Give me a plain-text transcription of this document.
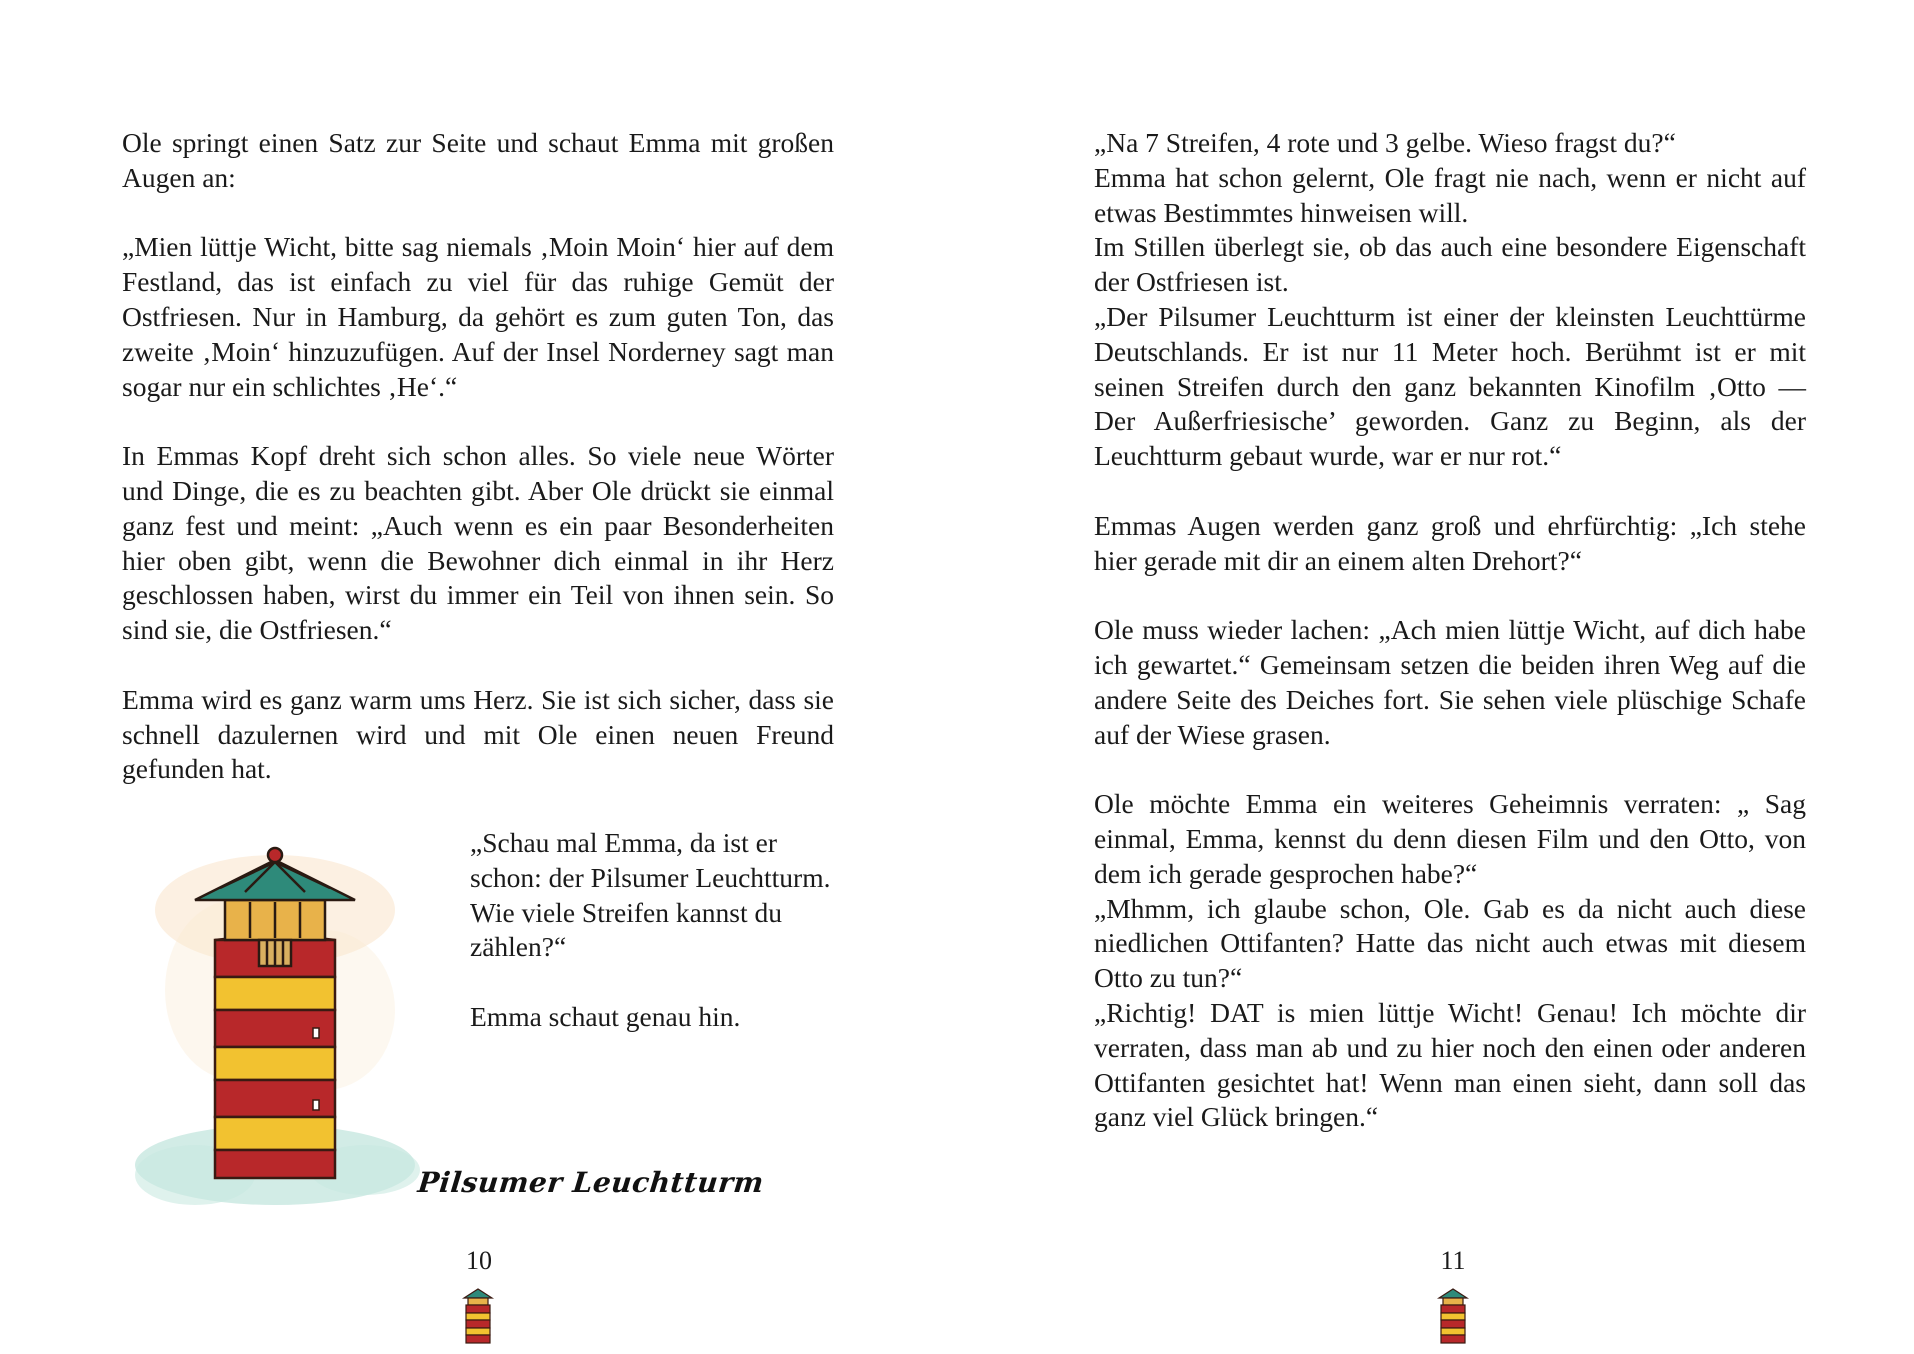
Ole springt einen Satz zur Seite und schaut Emma mit großen Augen an:

„Mien lüttje Wicht, bitte sag niemals ‚Moin Moin‘ hier auf dem Festland, das ist einfach zu viel für das ruhige Gemüt der Ostfriesen. Nur in Hamburg, da gehört es zum guten Ton, das zweite ‚Moin‘ hinzuzufügen. Auf der Insel Norderney sagt man sogar nur ein schlichtes ‚He‘.“

In Emmas Kopf dreht sich schon alles. So viele neue Wörter und Dinge, die es zu beachten gibt. Aber Ole drückt sie einmal ganz fest und meint: „Auch wenn es ein paar Besonderheiten hier oben gibt, wenn die Bewohner dich einmal in ihr Herz geschlossen haben, wirst du immer ein Teil von ihnen sein. So sind sie, die Ostfriesen.“

Emma wird es ganz warm ums Herz. Sie ist sich sicher, dass sie schnell dazulernen wird und mit Ole einen neuen Freund gefunden hat.

„Schau mal Emma, da ist er schon: der Pilsumer Leuchtturm. Wie viele Streifen kannst du zählen?“

Emma schaut genau hin.

Pilsumer Leuchtturm
10
„Na 7 Streifen, 4 rote und 3 gelbe. Wieso fragst du?“
Emma hat schon gelernt, Ole fragt nie nach, wenn er nicht auf etwas Bestimmtes hinweisen will.
Im Stillen überlegt sie, ob das auch eine besondere Eigenschaft der Ostfriesen ist.
„Der Pilsumer Leuchtturm ist einer der kleinsten Leuchttürme Deutschlands. Er ist nur 11 Meter hoch. Berühmt ist er mit seinen Streifen durch den ganz bekannten Kinofilm ‚Otto — Der Außerfriesische’ geworden. Ganz zu Beginn, als der Leuchtturm gebaut wurde, war er nur rot.“

Emmas Augen werden ganz groß und ehrfürchtig: „Ich stehe hier gerade mit dir an einem alten Drehort?“

Ole muss wieder lachen: „Ach mien lüttje Wicht, auf dich habe ich gewartet.“ Gemeinsam setzen die beiden ihren Weg auf die andere Seite des Deiches fort. Sie sehen viele plüschige Schafe auf der Wiese grasen.

Ole möchte Emma ein weiteres Geheimnis verraten: „ Sag einmal, Emma, kennst du denn diesen Film und den Otto, von dem ich gerade gesprochen habe?“
„Mhmm, ich glaube schon, Ole. Gab es da nicht auch diese niedlichen Ottifanten? Hatte das nicht auch etwas mit diesem Otto zu tun?“
„Richtig! DAT is mien lüttje Wicht! Genau! Ich möchte dir verraten, dass man ab und zu hier noch den einen oder anderen Ottifanten gesichtet hat! Wenn man einen sieht, dann soll das ganz viel Glück bringen.“
11
